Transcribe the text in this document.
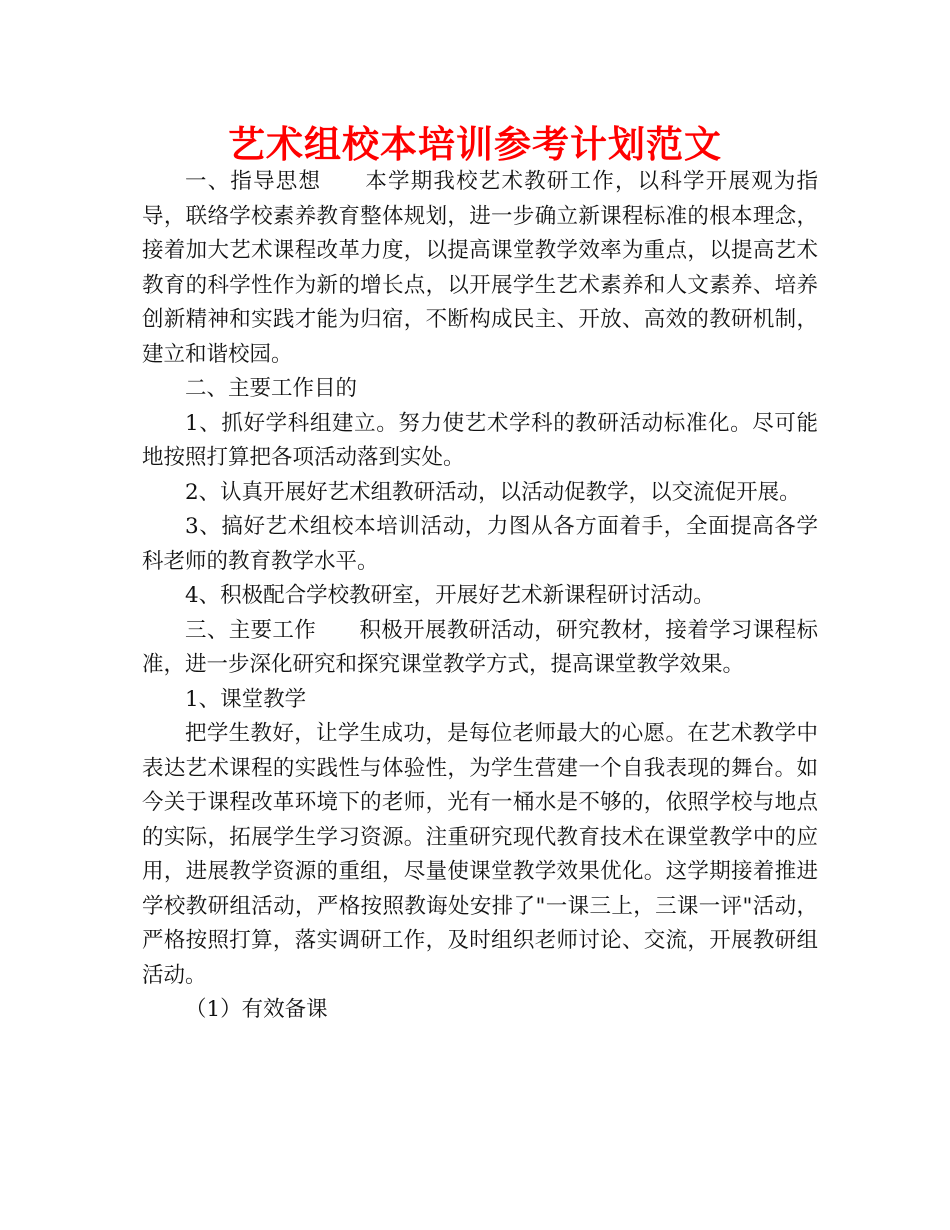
艺术组校本培训参考计划范文

一、指导思想 本学期我校艺术教研工作，以科学开展观为指导，联络学校素养教育整体规划，进一步确立新课程标准的根本理念，接着加大艺术课程改革力度，以提高课堂教学效率为重点，以提高艺术教育的科学性作为新的增长点，以开展学生艺术素养和人文素养、培养创新精神和实践才能为归宿，不断构成民主、开放、高效的教研机制，建立和谐校园。

二、主要工作目的

1、抓好学科组建立。努力使艺术学科的教研活动标准化。尽可能地按照打算把各项活动落到实处。

2、认真开展好艺术组教研活动，以活动促教学，以交流促开展。

3、搞好艺术组校本培训活动，力图从各方面着手，全面提高各学科老师的教育教学水平。

4、积极配合学校教研室，开展好艺术新课程研讨活动。

三、主要工作 积极开展教研活动，研究教材，接着学习课程标准，进一步深化研究和探究课堂教学方式，提高课堂教学效果。

1、课堂教学

把学生教好，让学生成功，是每位老师最大的心愿。在艺术教学中表达艺术课程的实践性与体验性，为学生营建一个自我表现的舞台。如今关于课程改革环境下的老师，光有一桶水是不够的，依照学校与地点的实际，拓展学生学习资源。注重研究现代教育技术在课堂教学中的应用，进展教学资源的重组，尽量使课堂教学效果优化。这学期接着推进学校教研组活动，严格按照教诲处安排了"一课三上，三课一评"活动，严格按照打算，落实调研工作，及时组织老师讨论、交流，开展教研组活动。

（1）有效备课
